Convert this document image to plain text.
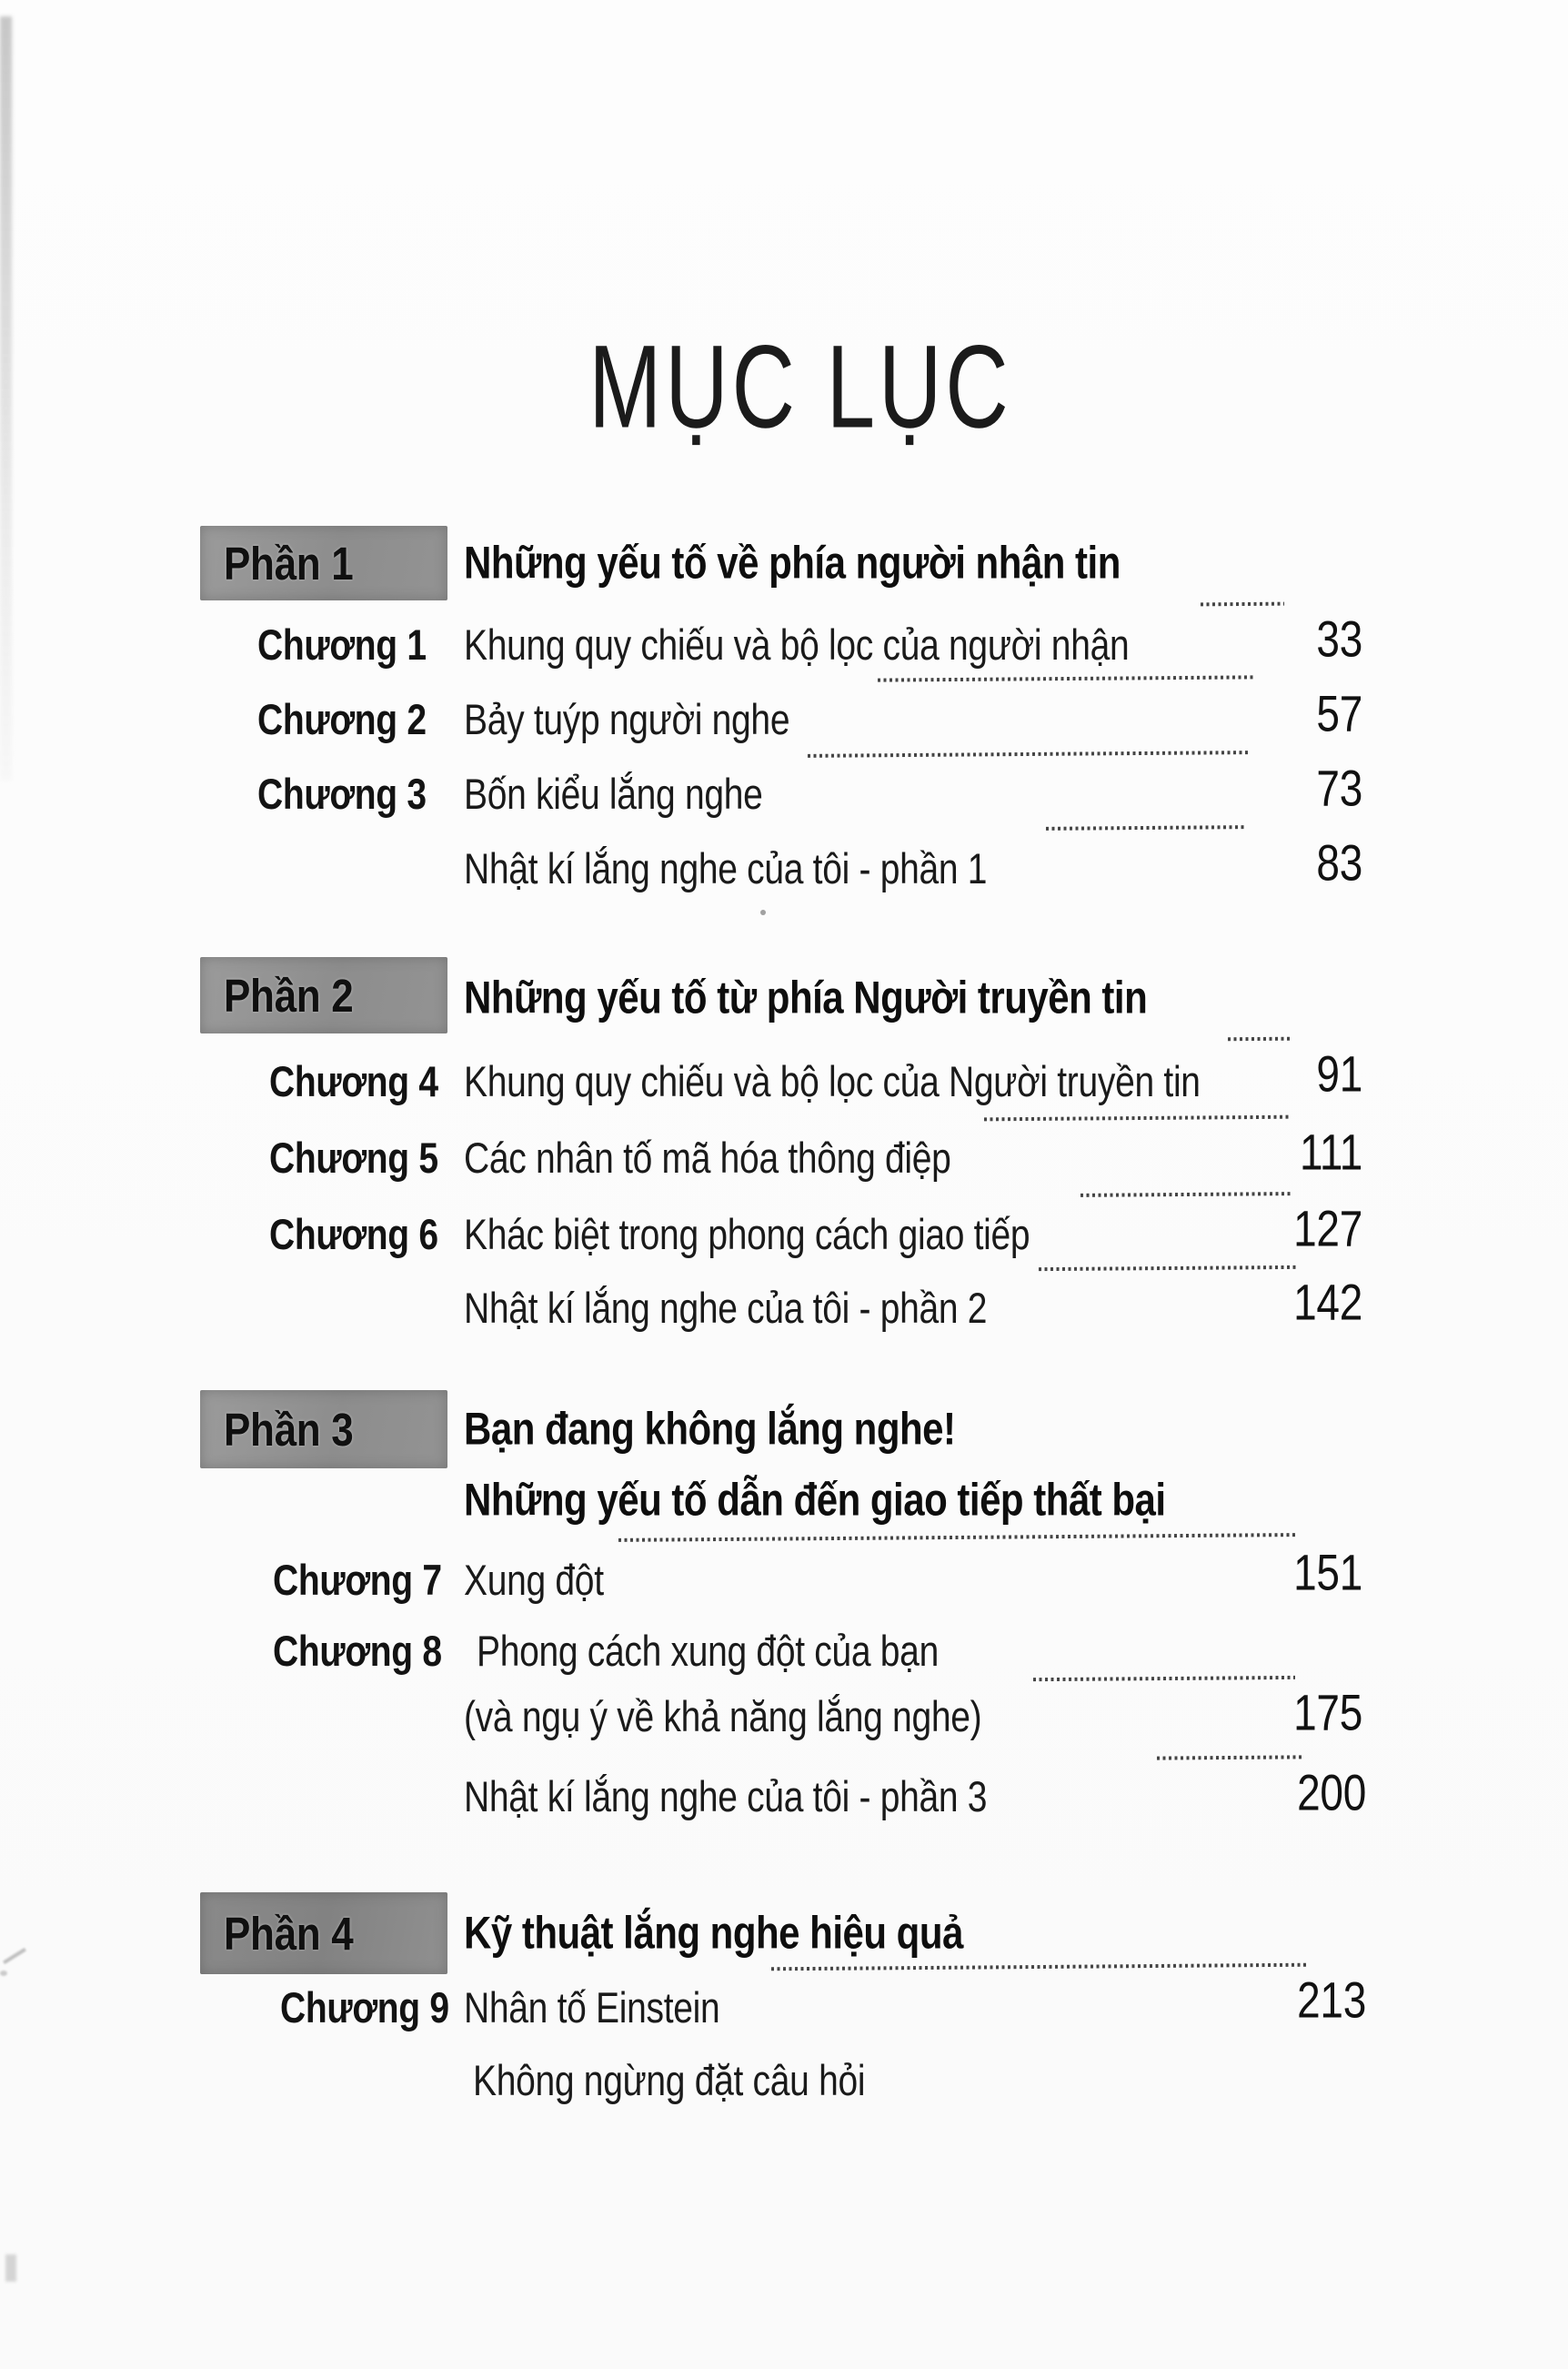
MỤC LỤC
Phần 1	Những yếu tố về phía người nhận tin
Chương 1 Khung quy chiếu và bộ lọc của người nhận	33
Chương 2 Bảy tuýp người nghe	57
Chương 3 Bốn kiểu lắng nghe	73
Nhật kí lắng nghe của tôi - phần 1	83
Phần 2	Những yếu tố từ phía Người truyền tin
Chương 4 Khung quy chiếu và bộ lọc của Người truyền tin	91
Chương 5 Các nhân tố mã hóa thông điệp	111
Chương 6 Khác biệt trong phong cách giao tiếp	127
Nhật kí lắng nghe của tôi - phần 2	142
Phần 3	Bạn đang không lắng nghe!
Những yếu tố dẫn đến giao tiếp thất bại
Chương 7 Xung đột	151
Chương 8 Phong cách xung đột của bạn
(và ngụ ý về khả năng lắng nghe)	175
Nhật kí lắng nghe của tôi - phần 3	200
Phần 4	Kỹ thuật lắng nghe hiệu quả
Chương 9 Nhân tố Einstein	213
Không ngừng đặt câu hỏi
